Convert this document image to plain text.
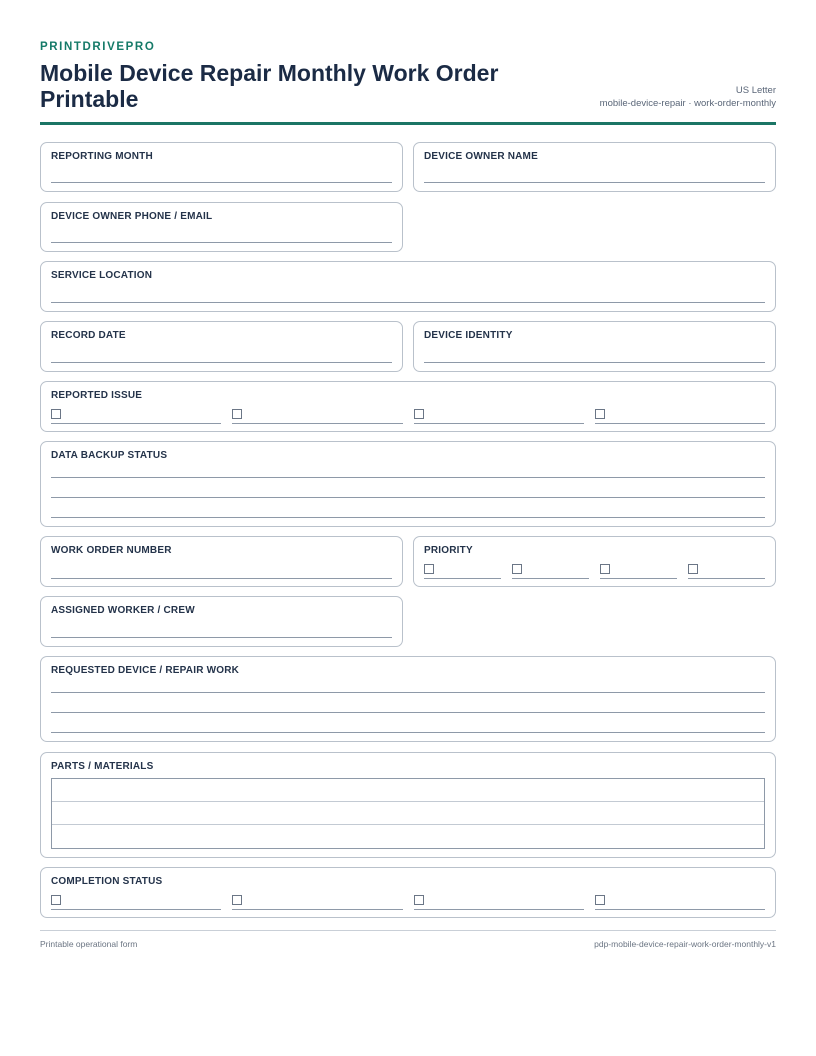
PRINTDRIVEPRO
Mobile Device Repair Monthly Work Order Printable	US Letter
mobile-device-repair · work-order-monthly
REPORTING MONTH	DEVICE OWNER NAME
DEVICE OWNER PHONE / EMAIL
SERVICE LOCATION
RECORD DATE	DEVICE IDENTITY
REPORTED ISSUE
DATA BACKUP STATUS
WORK ORDER NUMBER	PRIORITY
ASSIGNED WORKER / CREW
REQUESTED DEVICE / REPAIR WORK
PARTS / MATERIALS
COMPLETION STATUS
Printable operational form	pdp-mobile-device-repair-work-order-monthly-v1
